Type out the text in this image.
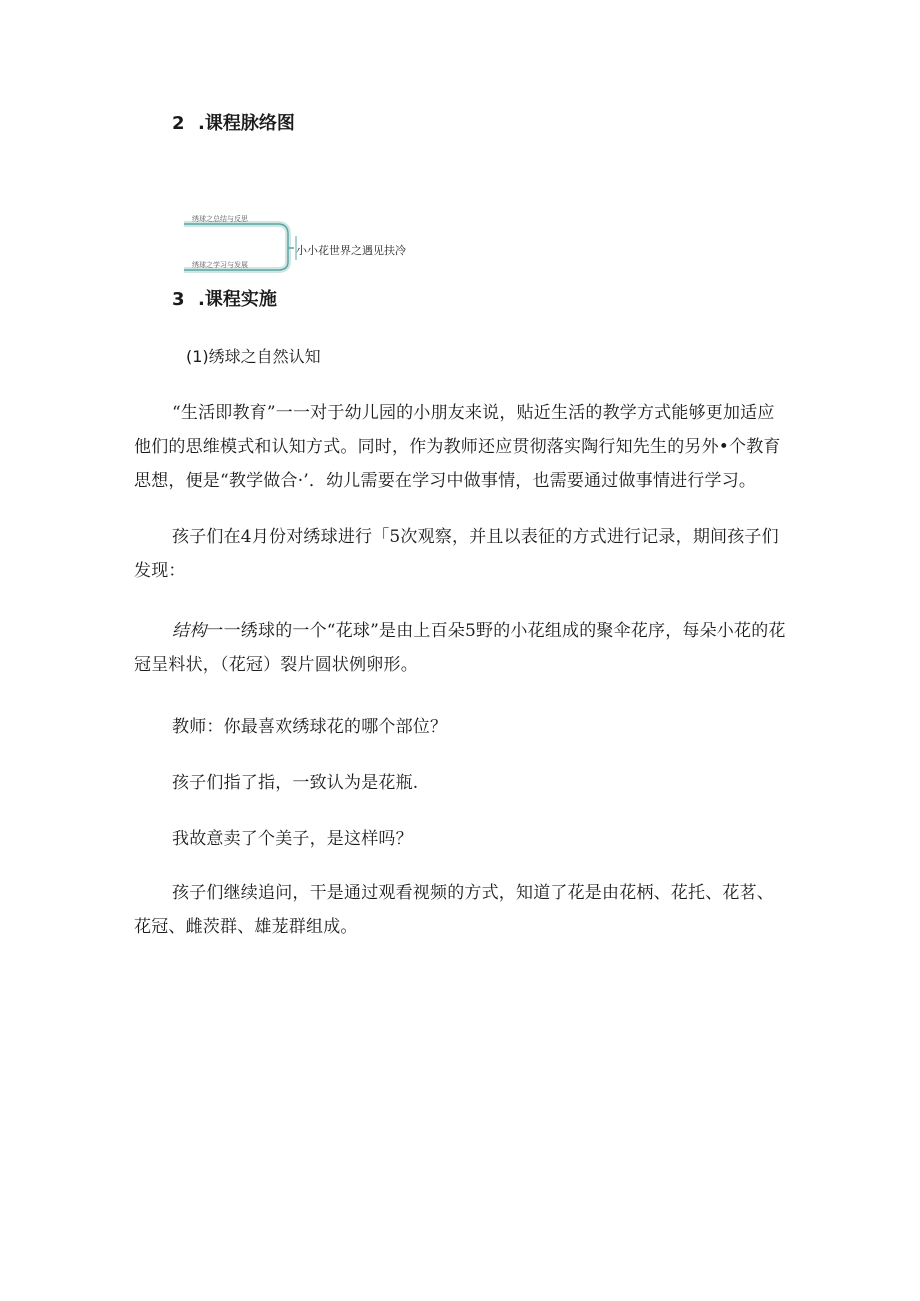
2 .课程脉络图
绣球之总结与反思
绣球之学习与发展
小小花世界之遇见扶冷
3 .课程实施
(1)绣球之自然认知
“生活即教育”一一对于幼儿园的小朋友来说，贴近生活的教学方式能够更加适应他们的思维模式和认知方式。同时，作为教师还应贯彻落实陶行知先生的另外•个教育思想，便是“教学做合·’．幼儿需要在学习中做事情，也需要通过做事情进行学习。
孩子们在4月份对绣球进行「5次观察，并且以表征的方式进行记录，期间孩子们发现：
结构一一绣球的一个“花球”是由上百朵5野的小花组成的聚伞花序，每朵小花的花冠呈料状，（花冠）裂片圆状例卵形。
教师：你最喜欢绣球花的哪个部位？
孩子们指了指，一致认为是花瓶.
我故意卖了个美子，是这样吗？
孩子们继续追问，干是通过观看视频的方式，知道了花是由花柄、花托、花茗、花冠、雌茨群、雄茏群组成。
